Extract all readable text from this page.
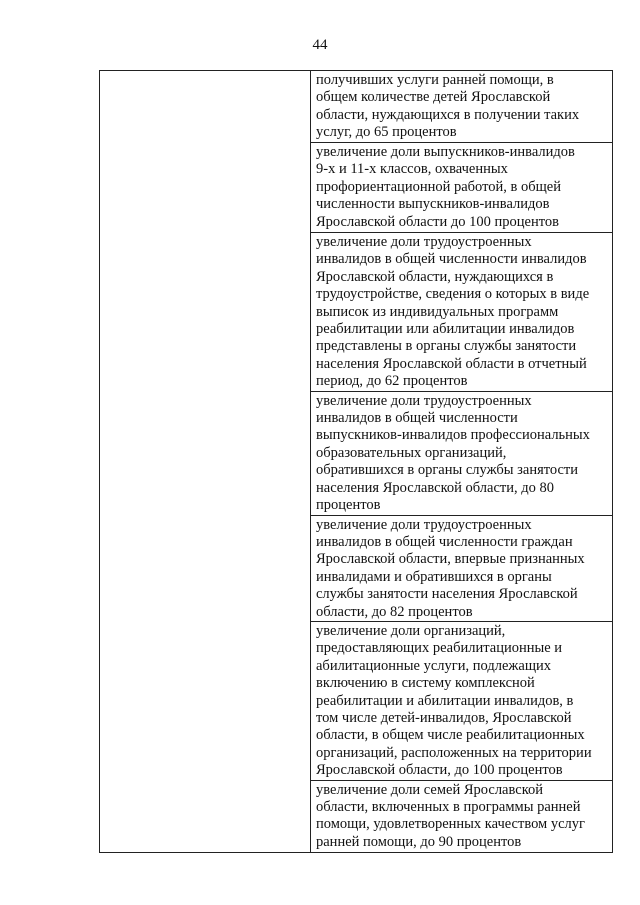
44

получивших услуги ранней помощи, в
общем количестве детей Ярославской
области, нуждающихся в получении таких
услуг, до 65 процентов

увеличение доли выпускников-инвалидов
9-х и 11-х классов, охваченных
профориентационной работой, в общей
численности выпускников-инвалидов
Ярославской области до 100 процентов

увеличение доли трудоустроенных
инвалидов в общей численности инвалидов
Ярославской области, нуждающихся в
трудоустройстве, сведения о которых в виде
выписок из индивидуальных программ
реабилитации или абилитации инвалидов
представлены в органы службы занятости
населения Ярославской области в отчетный
период, до 62 процентов

увеличение доли трудоустроенных
инвалидов в общей численности
выпускников-инвалидов профессиональных
образовательных организаций,
обратившихся в органы службы занятости
населения Ярославской области, до 80
процентов

увеличение доли трудоустроенных
инвалидов в общей численности граждан
Ярославской области, впервые признанных
инвалидами и обратившихся в органы
службы занятости населения Ярославской
области, до 82 процентов

увеличение доли организаций,
предоставляющих реабилитационные и
абилитационные услуги, подлежащих
включению в систему комплексной
реабилитации и абилитации инвалидов, в
том числе детей-инвалидов, Ярославской
области, в общем числе реабилитационных
организаций, расположенных на территории
Ярославской области, до 100 процентов

увеличение доли семей Ярославской
области, включенных в программы ранней
помощи, удовлетворенных качеством услуг
ранней помощи, до 90 процентов
